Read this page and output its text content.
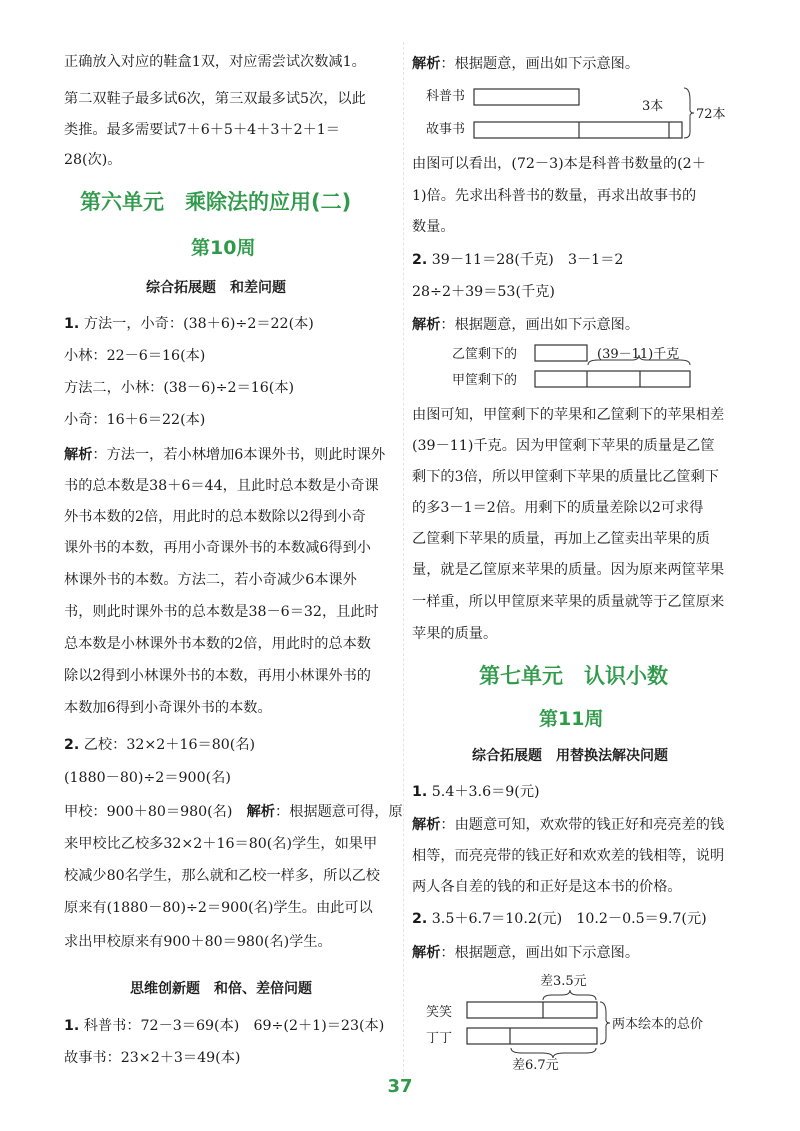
正确放入对应的鞋盒1双，对应需尝试次数减1。
第二双鞋子最多试6次，第三双最多试5次，以此
类推。最多需要试7＋6＋5＋4＋3＋2＋1＝
28(次)。
第六单元　乘除法的应用(二)
第10周
综合拓展题　和差问题
1. 方法一，小奇：(38＋6)÷2＝22(本)
小林：22－6＝16(本)
方法二，小林：(38－6)÷2＝16(本)
小奇：16＋6＝22(本)
解析：方法一，若小林增加6本课外书，则此时课外
书的总本数是38＋6＝44，且此时总本数是小奇课
外书本数的2倍，用此时的总本数除以2得到小奇
课外书的本数，再用小奇课外书的本数减6得到小
林课外书的本数。方法二，若小奇减少6本课外
书，则此时课外书的总本数是38－6＝32，且此时
总本数是小林课外书本数的2倍，用此时的总本数
除以2得到小林课外书的本数，再用小林课外书的
本数加6得到小奇课外书的本数。
2. 乙校：32×2＋16＝80(名)
(1880－80)÷2＝900(名)
甲校：900＋80＝980(名)　解析：根据题意可得，原
来甲校比乙校多32×2＋16＝80(名)学生，如果甲
校减少80名学生，那么就和乙校一样多，所以乙校
原来有(1880－80)÷2＝900(名)学生。由此可以
求出甲校原来有900＋80＝980(名)学生。
思维创新题　和倍、差倍问题
1. 科普书：72－3＝69(本)　69÷(2＋1)＝23(本)
故事书：23×2＋3＝49(本)
解析：根据题意，画出如下示意图。
科普书
故事书
3本
72本
由图可以看出，(72－3)本是科普书数量的(2＋
1)倍。先求出科普书的数量，再求出故事书的
数量。
2. 39－11＝28(千克)　3－1＝2
28÷2＋39＝53(千克)
解析：根据题意，画出如下示意图。
乙筐剩下的
甲筐剩下的
(39－11)千克
由图可知，甲筐剩下的苹果和乙筐剩下的苹果相差
(39－11)千克。因为甲筐剩下苹果的质量是乙筐
剩下的3倍，所以甲筐剩下苹果的质量比乙筐剩下
的多3－1＝2倍。用剩下的质量差除以2可求得
乙筐剩下苹果的质量，再加上乙筐卖出苹果的质
量，就是乙筐原来苹果的质量。因为原来两筐苹果
一样重，所以甲筐原来苹果的质量就等于乙筐原来
苹果的质量。
第七单元　认识小数
第11周
综合拓展题　用替换法解决问题
1. 5.4＋3.6＝9(元)
解析：由题意可知，欢欢带的钱正好和亮亮差的钱
相等，而亮亮带的钱正好和欢欢差的钱相等，说明
两人各自差的钱的和正好是这本书的价格。
2. 3.5＋6.7＝10.2(元)　10.2－0.5＝9.7(元)
解析：根据题意，画出如下示意图。
差3.5元
笑笑
丁丁
两本绘本的总价
差6.7元
37
